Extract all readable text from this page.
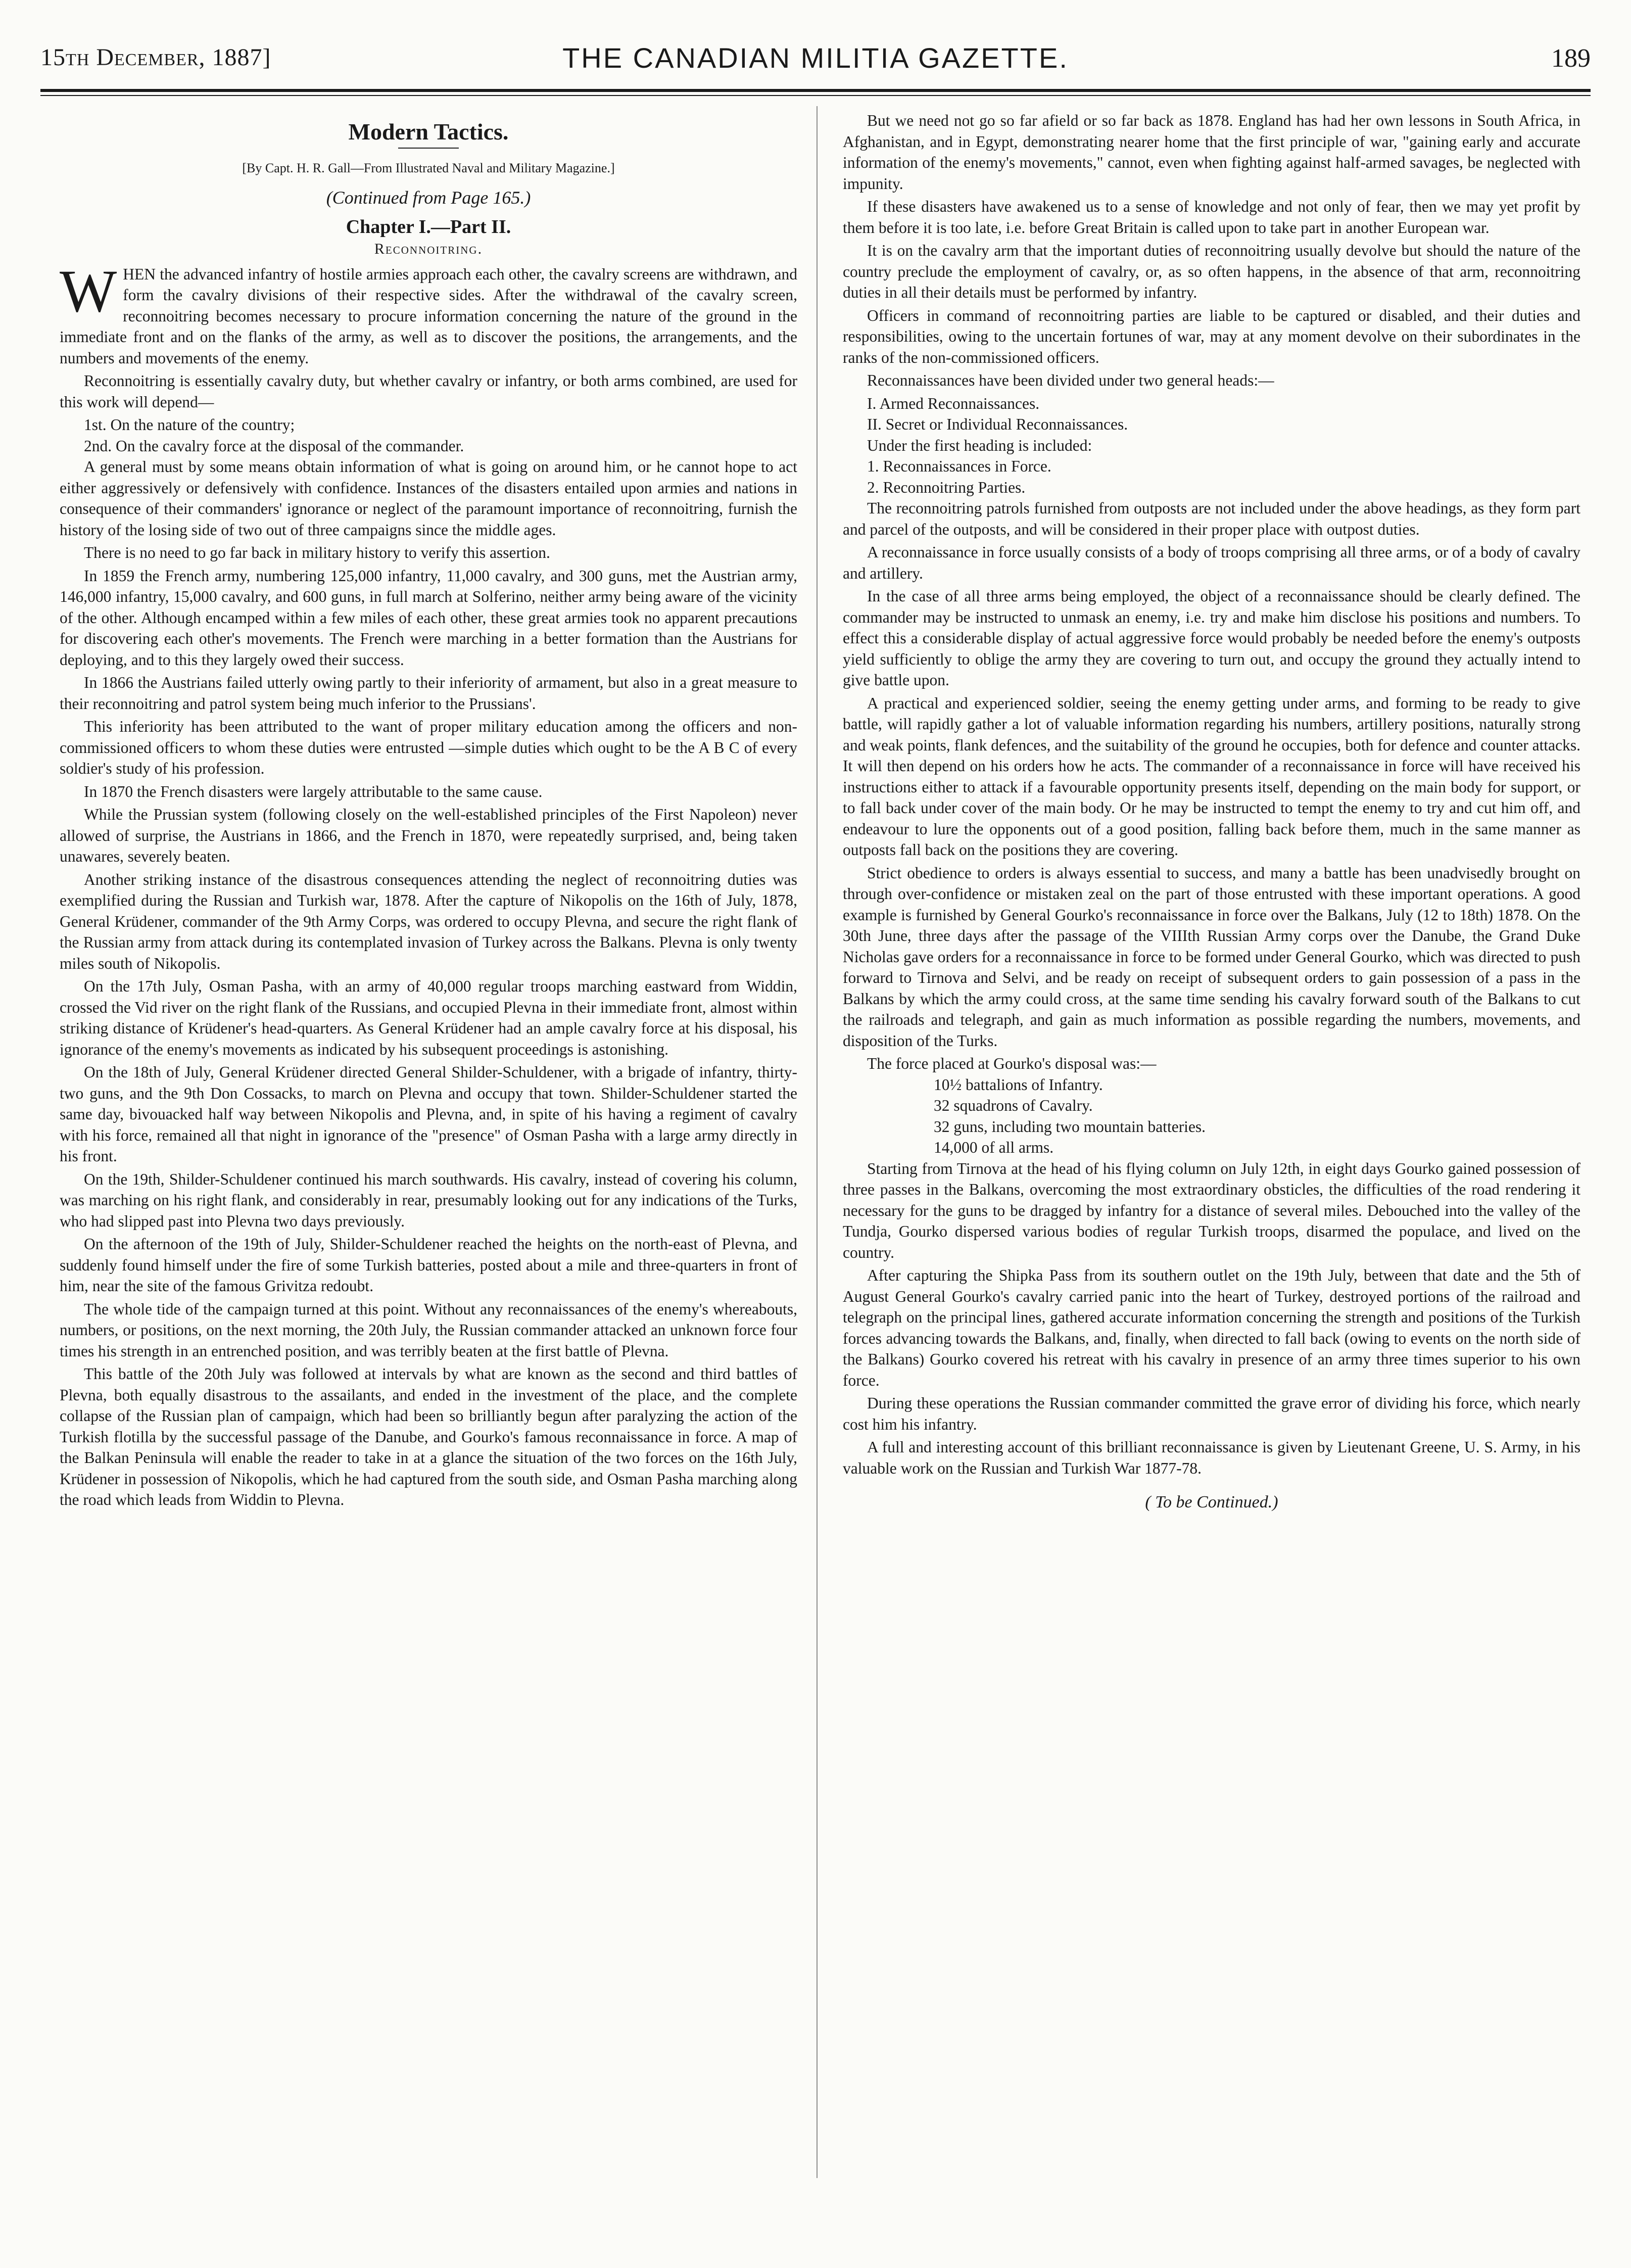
15th December, 1887]	THE CANADIAN MILITIA GAZETTE.	189
Modern Tactics.
[By Capt. H. R. Gall—From Illustrated Naval and Military Magazine.]
(Continued from Page 165.)
Chapter I.—Part II.
Reconnoitring.

WHEN the advanced infantry of hostile armies approach each other, the cavalry screens are withdrawn, and form the cavalry divisions of their respective sides. After the withdrawal of the cavalry screen, reconnoitring becomes necessary to procure information concerning the nature of the ground in the immediate front and on the flanks of the army, as well as to discover the positions, the arrangements, and the numbers and movements of the enemy.

Reconnoitring is essentially cavalry duty, but whether cavalry or infantry, or both arms combined, are used for this work will depend—

1st. On the nature of the country;

2nd. On the cavalry force at the disposal of the commander.

A general must by some means obtain information of what is going on around him, or he cannot hope to act either aggressively or defensively with confidence. Instances of the disasters entailed upon armies and nations in consequence of their commanders' ignorance or neglect of the paramount importance of reconnoitring, furnish the history of the losing side of two out of three campaigns since the middle ages.

There is no need to go far back in military history to verify this assertion.

In 1859 the French army, numbering 125,000 infantry, 11,000 cavalry, and 300 guns, met the Austrian army, 146,000 infantry, 15,000 cavalry, and 600 guns, in full march at Solferino, neither army being aware of the vicinity of the other. Although encamped within a few miles of each other, these great armies took no apparent precautions for discovering each other's movements. The French were marching in a better formation than the Austrians for deploying, and to this they largely owed their success.

In 1866 the Austrians failed utterly owing partly to their inferiority of armament, but also in a great measure to their reconnoitring and patrol system being much inferior to the Prussians'.

This inferiority has been attributed to the want of proper military education among the officers and non-commissioned officers to whom these duties were entrusted —simple duties which ought to be the A B C of every soldier's study of his profession.

In 1870 the French disasters were largely attributable to the same cause.

While the Prussian system (following closely on the well-established principles of the First Napoleon) never allowed of surprise, the Austrians in 1866, and the French in 1870, were repeatedly surprised, and, being taken unawares, severely beaten.

Another striking instance of the disastrous consequences attending the neglect of reconnoitring duties was exemplified during the Russian and Turkish war, 1878. After the capture of Nikopolis on the 16th of July, 1878, General Krüdener, commander of the 9th Army Corps, was ordered to occupy Plevna, and secure the right flank of the Russian army from attack during its contemplated invasion of Turkey across the Balkans. Plevna is only twenty miles south of Nikopolis.

On the 17th July, Osman Pasha, with an army of 40,000 regular troops marching eastward from Widdin, crossed the Vid river on the right flank of the Russians, and occupied Plevna in their immediate front, almost within striking distance of Krüdener's head-quarters. As General Krüdener had an ample cavalry force at his disposal, his ignorance of the enemy's movements as indicated by his subsequent proceedings is astonishing.

On the 18th of July, General Krüdener directed General Shilder-Schuldener, with a brigade of infantry, thirty-two guns, and the 9th Don Cossacks, to march on Plevna and occupy that town. Shilder-Schuldener started the same day, bivouacked half way between Nikopolis and Plevna, and, in spite of his having a regiment of cavalry with his force, remained all that night in ignorance of the "presence" of Osman Pasha with a large army directly in his front.

On the 19th, Shilder-Schuldener continued his march southwards. His cavalry, instead of covering his column, was marching on his right flank, and considerably in rear, presumably looking out for any indications of the Turks, who had slipped past into Plevna two days previously.

On the afternoon of the 19th of July, Shilder-Schuldener reached the heights on the north-east of Plevna, and suddenly found himself under the fire of some Turkish batteries, posted about a mile and three-quarters in front of him, near the site of the famous Grivitza redoubt.

The whole tide of the campaign turned at this point. Without any reconnaissances of the enemy's whereabouts, numbers, or positions, on the next morning, the 20th July, the Russian commander attacked an unknown force four times his strength in an entrenched position, and was terribly beaten at the first battle of Plevna.

This battle of the 20th July was followed at intervals by what are known as the second and third battles of Plevna, both equally disastrous to the assailants, and ended in the investment of the place, and the complete collapse of the Russian plan of campaign, which had been so brilliantly begun after paralyzing the action of the Turkish flotilla by the successful passage of the Danube, and Gourko's famous reconnaissance in force. A map of the Balkan Peninsula will enable the reader to take in at a glance the situation of the two forces on the 16th July, Krüdener in possession of Nikopolis, which he had captured from the south side, and Osman Pasha marching along the road which leads from Widdin to Plevna.

But we need not go so far afield or so far back as 1878. England has had her own lessons in South Africa, in Afghanistan, and in Egypt, demonstrating nearer home that the first principle of war, "gaining early and accurate information of the enemy's movements," cannot, even when fighting against half-armed savages, be neglected with impunity.

If these disasters have awakened us to a sense of knowledge and not only of fear, then we may yet profit by them before it is too late, i.e. before Great Britain is called upon to take part in another European war.

It is on the cavalry arm that the important duties of reconnoitring usually devolve but should the nature of the country preclude the employment of cavalry, or, as so often happens, in the absence of that arm, reconnoitring duties in all their details must be performed by infantry.

Officers in command of reconnoitring parties are liable to be captured or disabled, and their duties and responsibilities, owing to the uncertain fortunes of war, may at any moment devolve on their subordinates in the ranks of the non-commissioned officers.

Reconnaissances have been divided under two general heads:—

I. Armed Reconnaissances.

II. Secret or Individual Reconnaissances.

Under the first heading is included:

1. Reconnaissances in Force.

2. Reconnoitring Parties.

The reconnoitring patrols furnished from outposts are not included under the above headings, as they form part and parcel of the outposts, and will be considered in their proper place with outpost duties.

A reconnaissance in force usually consists of a body of troops comprising all three arms, or of a body of cavalry and artillery.

In the case of all three arms being employed, the object of a reconnaissance should be clearly defined. The commander may be instructed to unmask an enemy, i.e. try and make him disclose his positions and numbers. To effect this a considerable display of actual aggressive force would probably be needed before the enemy's outposts yield sufficiently to oblige the army they are covering to turn out, and occupy the ground they actually intend to give battle upon.

A practical and experienced soldier, seeing the enemy getting under arms, and forming to be ready to give battle, will rapidly gather a lot of valuable information regarding his numbers, artillery positions, naturally strong and weak points, flank defences, and the suitability of the ground he occupies, both for defence and counter attacks. It will then depend on his orders how he acts. The commander of a reconnaissance in force will have received his instructions either to attack if a favourable opportunity presents itself, depending on the main body for support, or to fall back under cover of the main body. Or he may be instructed to tempt the enemy to try and cut him off, and endeavour to lure the opponents out of a good position, falling back before them, much in the same manner as outposts fall back on the positions they are covering.

Strict obedience to orders is always essential to success, and many a battle has been unadvisedly brought on through over-confidence or mistaken zeal on the part of those entrusted with these important operations. A good example is furnished by General Gourko's reconnaissance in force over the Balkans, July (12 to 18th) 1878. On the 30th June, three days after the passage of the VIIIth Russian Army corps over the Danube, the Grand Duke Nicholas gave orders for a reconnaissance in force to be formed under General Gourko, which was directed to push forward to Tirnova and Selvi, and be ready on receipt of subsequent orders to gain possession of a pass in the Balkans by which the army could cross, at the same time sending his cavalry forward south of the Balkans to cut the railroads and telegraph, and gain as much information as possible regarding the numbers, movements, and disposition of the Turks.

The force placed at Gourko's disposal was:—

10½ battalions of Infantry.

32 squadrons of Cavalry.

32 guns, including two mountain batteries.

14,000 of all arms.

Starting from Tirnova at the head of his flying column on July 12th, in eight days Gourko gained possession of three passes in the Balkans, overcoming the most extraordinary obsticles, the difficulties of the road rendering it necessary for the guns to be dragged by infantry for a distance of several miles. Debouched into the valley of the Tundja, Gourko dispersed various bodies of regular Turkish troops, disarmed the populace, and lived on the country.

After capturing the Shipka Pass from its southern outlet on the 19th July, between that date and the 5th of August General Gourko's cavalry carried panic into the heart of Turkey, destroyed portions of the railroad and telegraph on the principal lines, gathered accurate information concerning the strength and positions of the Turkish forces advancing towards the Balkans, and, finally, when directed to fall back (owing to events on the north side of the Balkans) Gourko covered his retreat with his cavalry in presence of an army three times superior to his own force.

During these operations the Russian commander committed the grave error of dividing his force, which nearly cost him his infantry.

A full and interesting account of this brilliant reconnaissance is given by Lieutenant Greene, U. S. Army, in his valuable work on the Russian and Turkish War 1877-78.

( To be Continued.)
